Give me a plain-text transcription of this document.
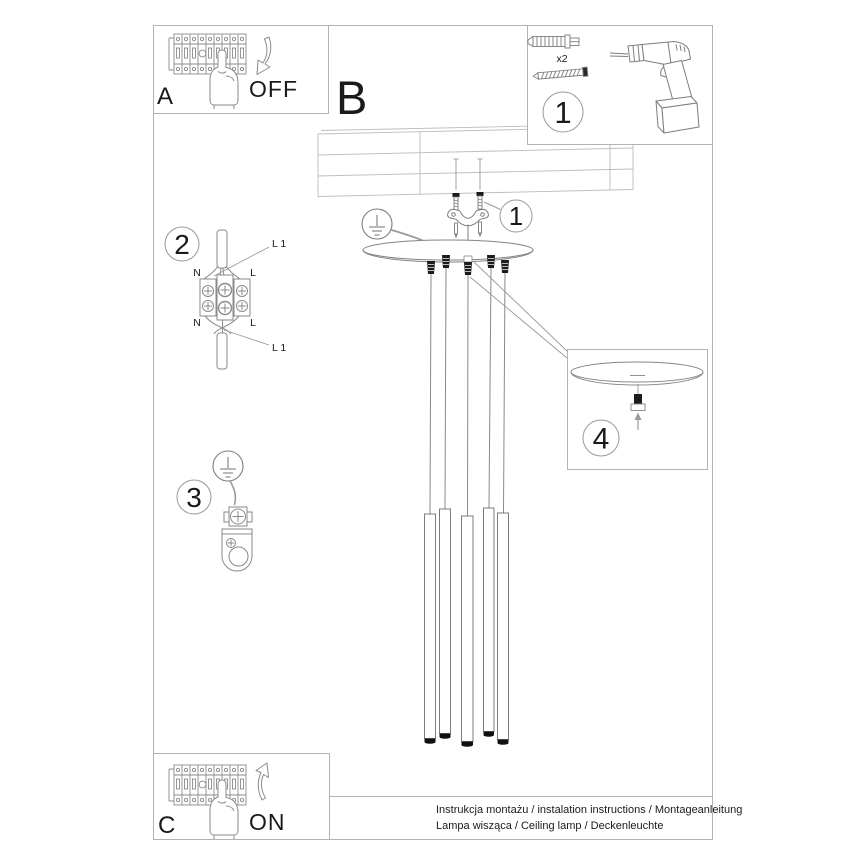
x2
1
1
4
2	L 1
L 1
N	L
N	L
3
OFF
A	B
ON
C
Instrukcja montażu / instalation instructions / Montageanleitung
Lampa wisząca / Ceiling lamp / Deckenleuchte
